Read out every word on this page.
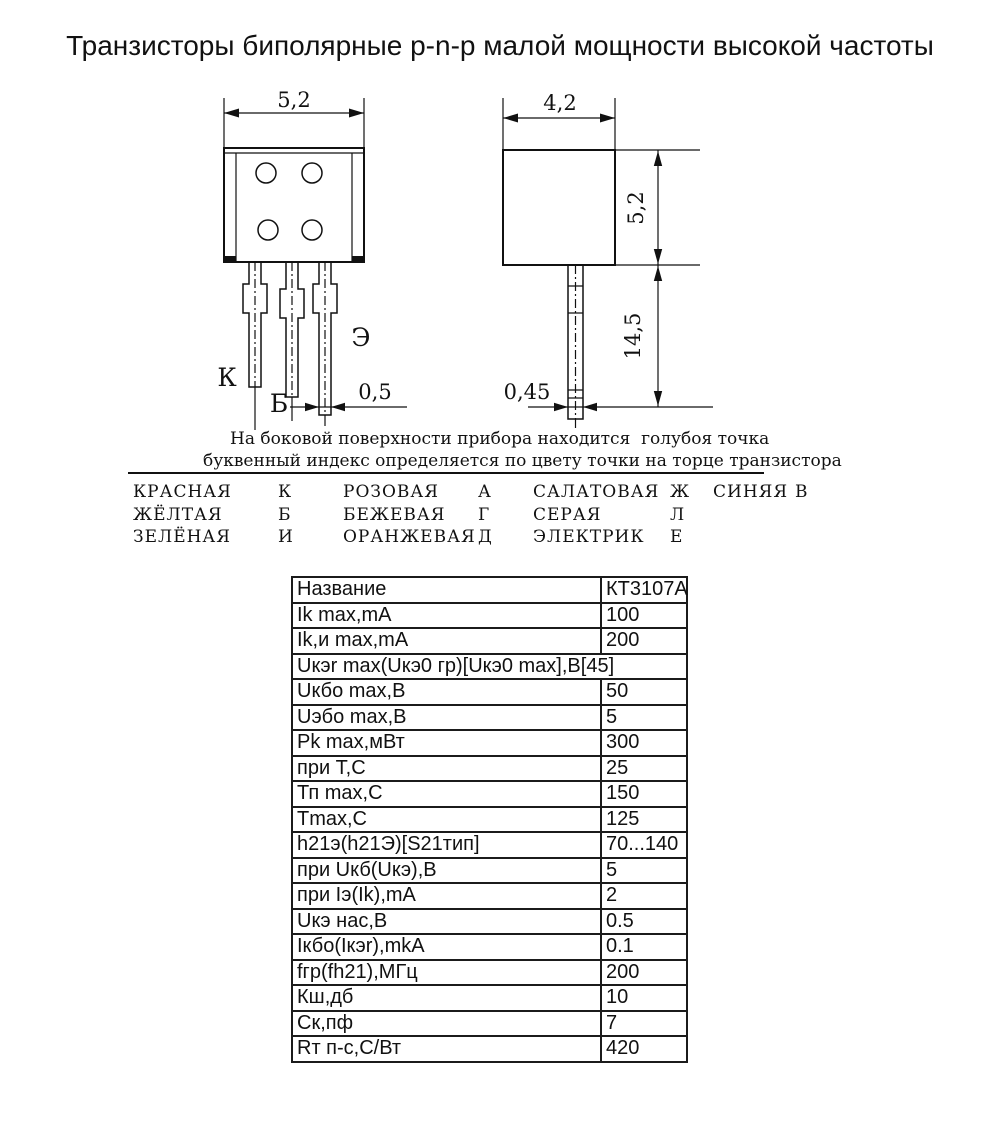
Транзисторы биполярные p-n-p малой мощности высокой частоты
5,2
К
Б
Э
0,5
4,2
5,2
14,5
0,45
На боковой поверхности прибора находится  голубоя точка
буквенный индекс определяется по цвету точки на торце транзистора
КРАСНАЯ	К	РОЗОВАЯ	А	САЛАТОВАЯ Ж	СИНЯЯ В
ЖЁЛТАЯ	Б	БЕЖЕВАЯ	Г	СЕРАЯ	Л
ЗЕЛЁНАЯ	И	ОРАНЖЕВАЯ Д	ЭЛЕКТРИК	Е
Название	КТ3107А
Ik max,mA	100
Ik,и max,mA	200
Uкэr max(Uкэ0 гр)[Uкэ0 max],В[45]	
Uкбо max,В	50
Uэбо max,В	5
Pk max,мВт	300
при Т,С	25
Тп max,С	150
Tmax,С	125
h21э(h21Э)[S21тип]	70...140
при Uкб(Uкэ),В	5
при Iэ(Ik),mA	2
Uкэ нас,В	0.5
Iкбо(Iкэr),mkA	0.1
fгр(fh21),МГц	200
Кш,дб	10
Ск,пф	7
Rт п-с,С/Вт	420
